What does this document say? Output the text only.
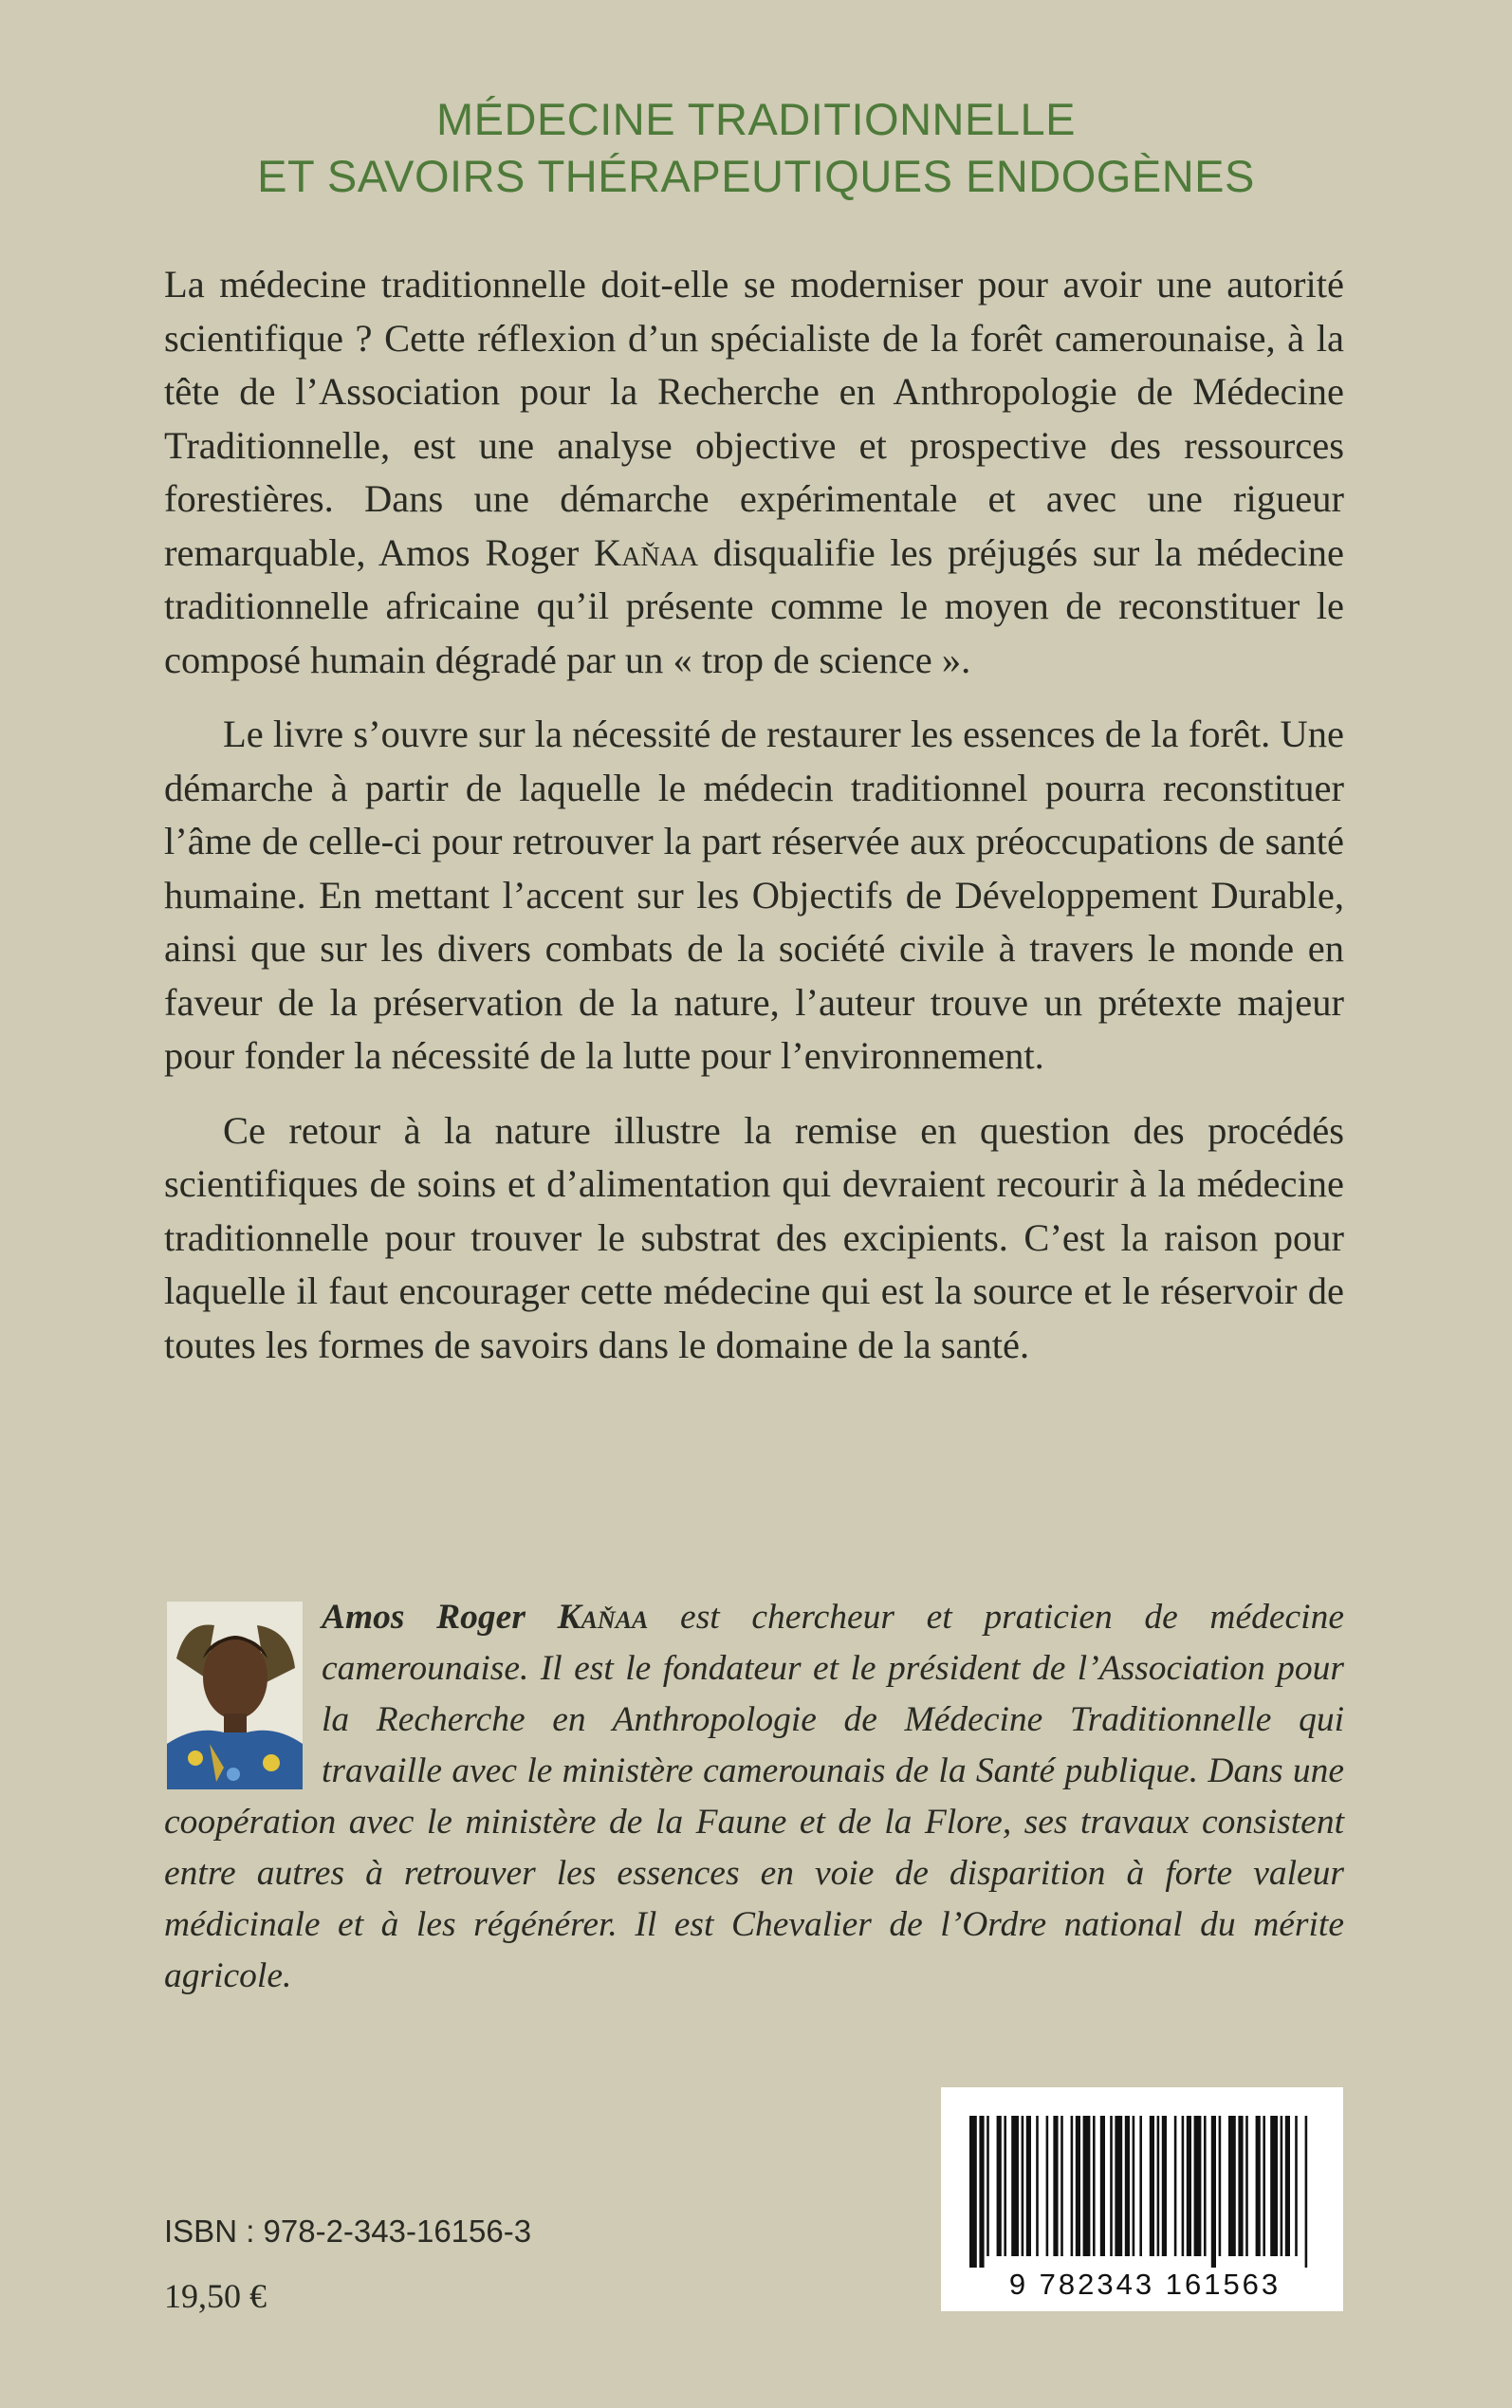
MÉDECINE TRADITIONNELLE
ET SAVOIRS THÉRAPEUTIQUES ENDOGÈNES

La médecine traditionnelle doit-elle se moderniser pour avoir une autorité scientifique ? Cette réflexion d’un spécialiste de la forêt camerounaise, à la tête de l’Association pour la Recherche en Anthropologie de Médecine Traditionnelle, est une analyse objective et prospective des ressources forestières. Dans une démarche expérimentale et avec une rigueur remarquable, Amos Roger Kaňaa disqualifie les préjugés sur la médecine traditionnelle africaine qu’il présente comme le moyen de reconstituer le composé humain dégradé par un « trop de science ».

Le livre s’ouvre sur la nécessité de restaurer les essences de la forêt. Une démarche à partir de laquelle le médecin traditionnel pourra reconstituer l’âme de celle-ci pour retrouver la part réservée aux préoccupations de santé humaine. En mettant l’accent sur les Objectifs de Développement Durable, ainsi que sur les divers combats de la société civile à travers le monde en faveur de la préservation de la nature, l’auteur trouve un prétexte majeur pour fonder la nécessité de la lutte pour l’environnement.

Ce retour à la nature illustre la remise en question des procédés scientifiques de soins et d’alimentation qui devraient recourir à la médecine traditionnelle pour trouver le substrat des excipients. C’est la raison pour laquelle il faut encourager cette médecine qui est la source et le réservoir de toutes les formes de savoirs dans le domaine de la santé.

Amos Roger Kaňaa est chercheur et praticien de médecine camerounaise. Il est le fondateur et le président de l’Association pour la Recherche en Anthropologie de Médecine Traditionnelle qui travaille avec le ministère camerounais de la Santé publique. Dans une coopération avec le ministère de la Faune et de la Flore, ses travaux consistent entre autres à retrouver les essences en voie de disparition à forte valeur médicinale et à les régénérer. Il est Chevalier de l’Ordre national du mérite agricole.
ISBN : 978-2-343-16156-3
19,50 €	9 782343 161563
